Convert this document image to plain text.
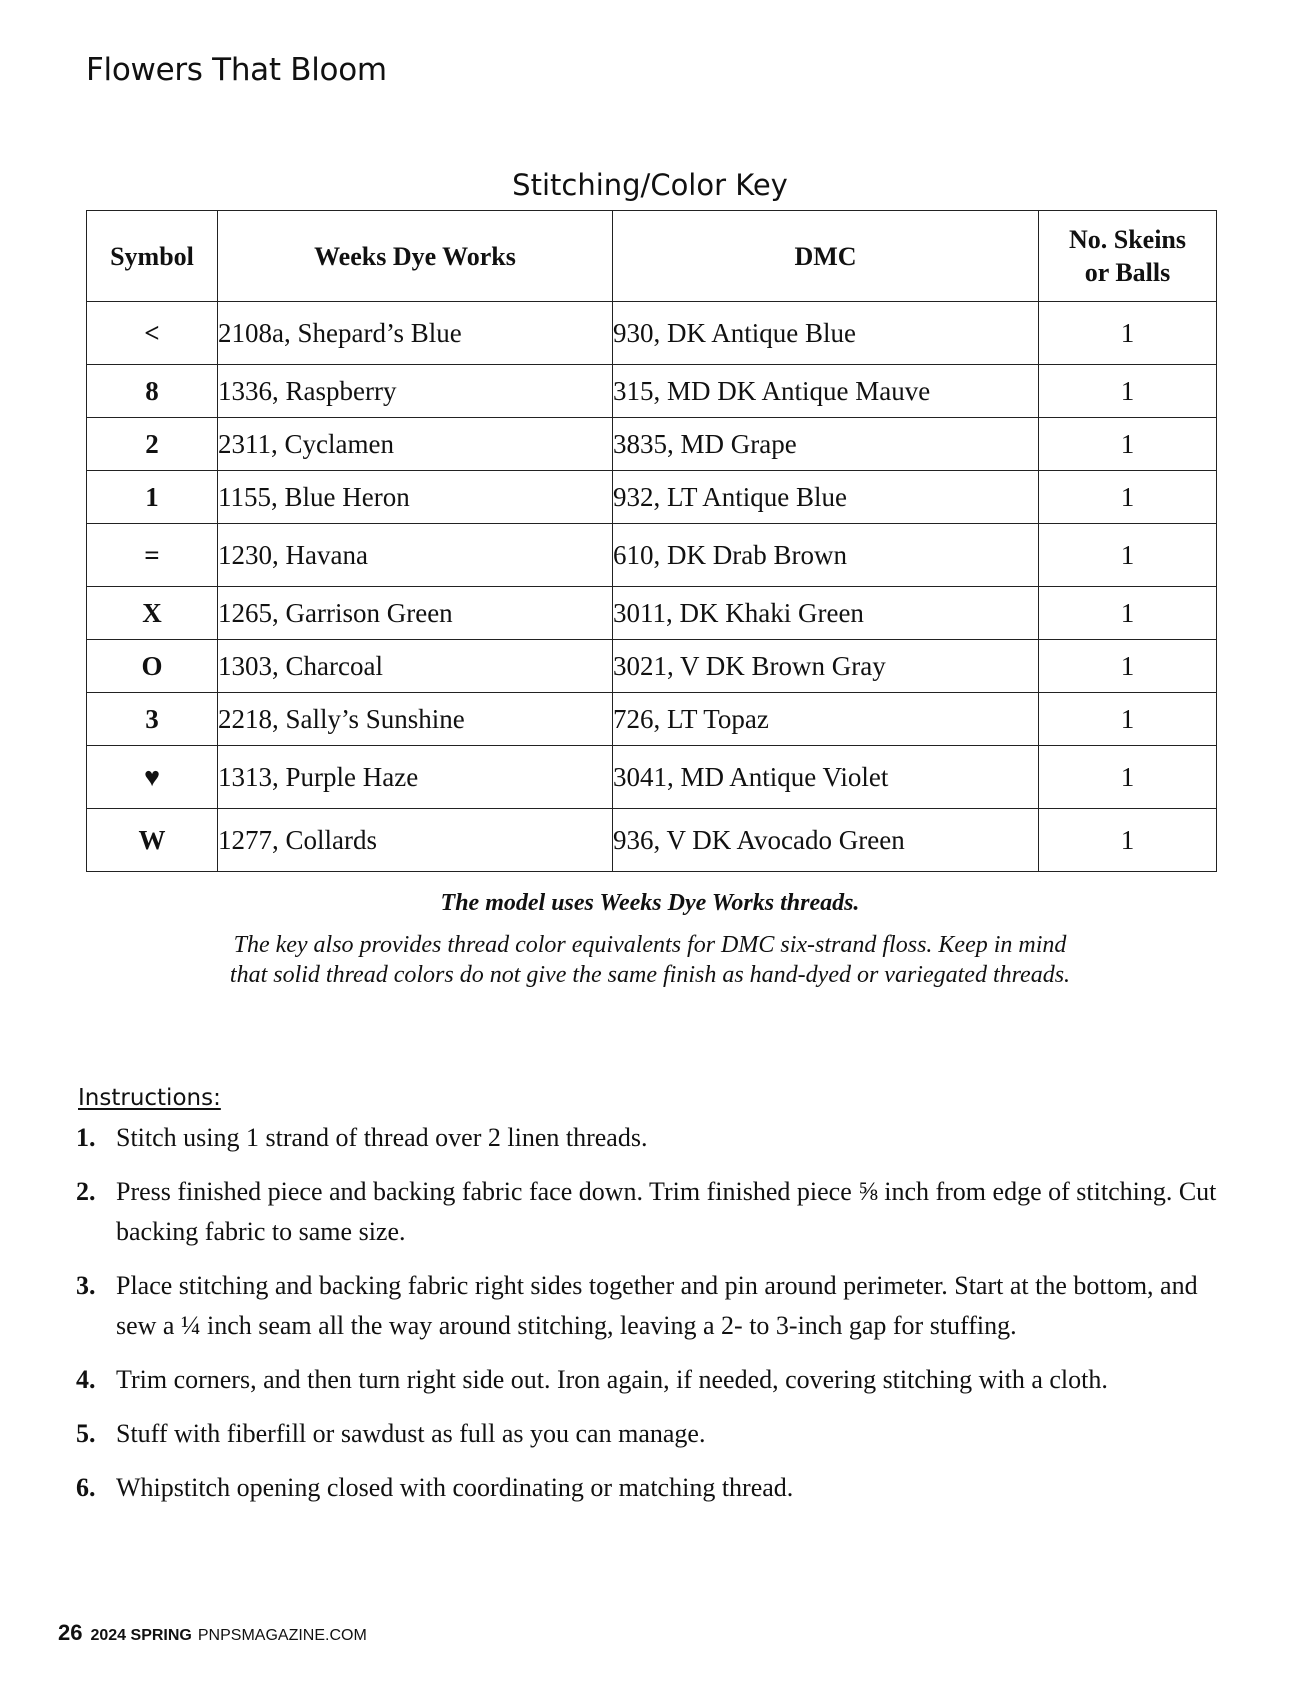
Flowers That Bloom
Stitching/Color Key
Symbol	Weeks Dye Works	DMC	No. Skeins
or Balls
<	2108a, Shepard’s Blue	930, DK Antique Blue	1
8	1336, Raspberry	315, MD DK Antique Mauve	1
2	2311, Cyclamen	3835, MD Grape	1
1	1155, Blue Heron	932, LT Antique Blue	1
=	1230, Havana	610, DK Drab Brown	1
X	1265, Garrison Green	3011, DK Khaki Green	1
O	1303, Charcoal	3021, V DK Brown Gray	1
3	2218, Sally’s Sunshine	726, LT Topaz	1
♥	1313, Purple Haze	3041, MD Antique Violet	1
W	1277, Collards	936, V DK Avocado Green	1

The model uses Weeks Dye Works threads.

The key also provides thread color equivalents for DMC six-strand floss. Keep in mind
that solid thread colors do not give the same finish as hand-dyed or variegated threads.

Instructions:
1. Stitch using 1 strand of thread over 2 linen threads.
2. Press finished piece and backing fabric face down. Trim finished piece ⅝ inch from edge of stitching. Cut backing fabric to same size.
3. Place stitching and backing fabric right sides together and pin around perimeter. Start at the bottom, and sew a ¼ inch seam all the way around stitching, leaving a 2- to 3-inch gap for stuffing.
4. Trim corners, and then turn right side out. Iron again, if needed, covering stitching with a cloth.
5. Stuff with fiberfill or sawdust as full as you can manage.
6. Whipstitch opening closed with coordinating or matching thread.

26 2024 SPRING PNPSMAGAZINE.COM
